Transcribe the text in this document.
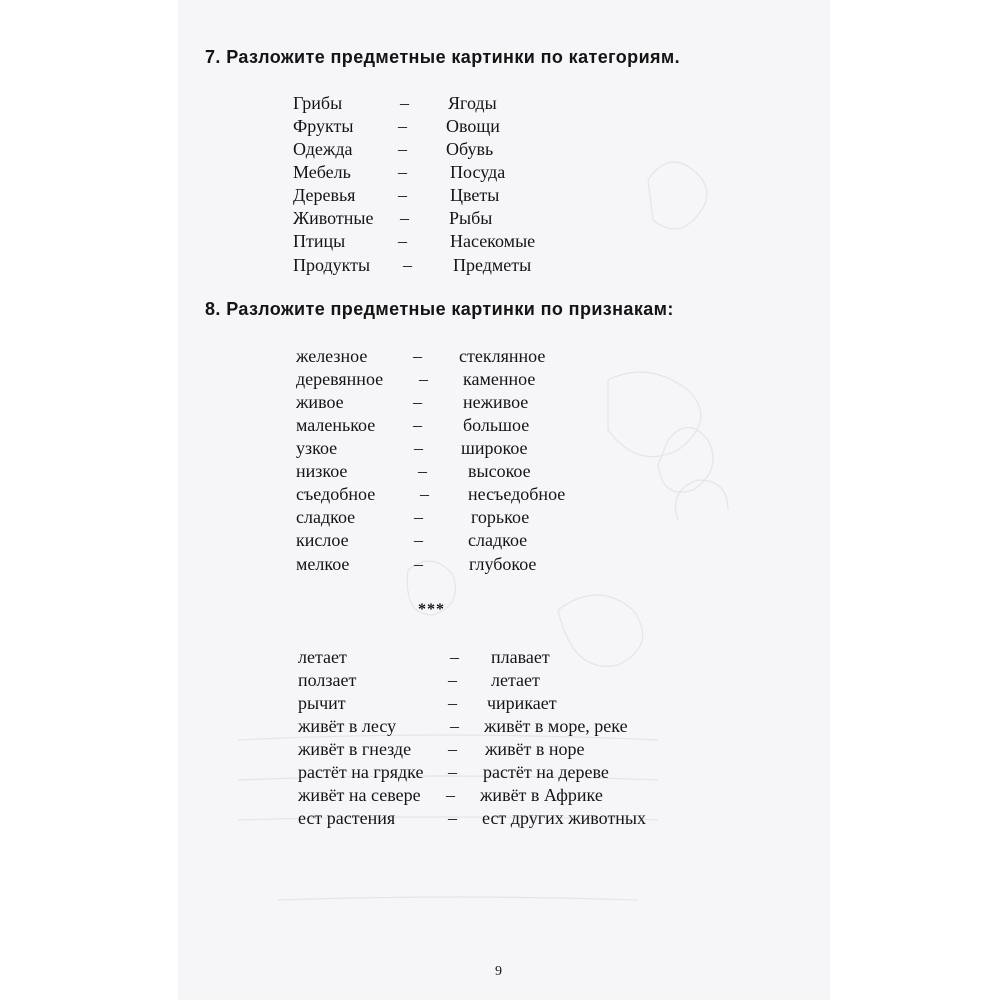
7. Разложите предметные картинки по категориям.
Грибы	– Ягоды
Фрукты – Овощи
Одежда	– Обувь
Мебель	– Посуда
Деревья – Цветы
Животные – Рыбы
Птицы	– Насекомые
Продукты – Предметы
8. Разложите предметные картинки по признакам:
железное	– стеклянное
деревянное – каменное
живое	– неживое
маленькое – большое
узкое	– широкое
низкое	– высокое
съедобное – несъедобное
сладкое	–	горькое
кислое	–	сладкое
мелкое	–	глубокое
***
летает	– плавает
ползает	– летает
рычит	– чирикает
живёт в лесу	– живёт в море, реке
живёт в гнезде – живёт в норе
растёт на грядке – растёт на дереве
живёт на севере – живёт в Африке
ест растения	– ест других животных
9
